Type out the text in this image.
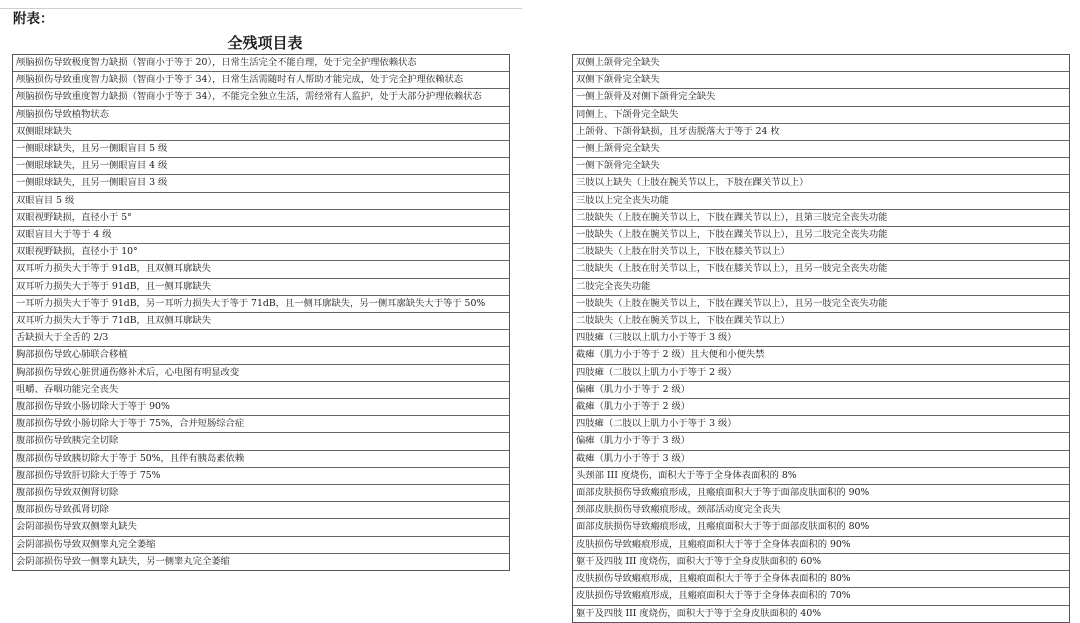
附表：
全残项目表
颅脑损伤导致极度智力缺损（智商小于等于 20），日常生活完全不能自理，处于完全护理依赖状态
颅脑损伤导致重度智力缺损（智商小于等于 34），日常生活需随时有人帮助才能完成，处于完全护理依赖状态
颅脑损伤导致重度智力缺损（智商小于等于 34），不能完全独立生活，需经常有人监护，处于大部分护理依赖状态
颅脑损伤导致植物状态
双侧眼球缺失
一侧眼球缺失，且另一侧眼盲目 5 级
一侧眼球缺失，且另一侧眼盲目 4 级
一侧眼球缺失，且另一侧眼盲目 3 级
双眼盲目 5 级
双眼视野缺损，直径小于 5°
双眼盲目大于等于 4 级
双眼视野缺损，直径小于 10°
双耳听力损失大于等于 91dB，且双侧耳廓缺失
双耳听力损失大于等于 91dB，且一侧耳廓缺失
一耳听力损失大于等于 91dB，另一耳听力损失大于等于 71dB，且一侧耳廓缺失，另一侧耳廓缺失大于等于 50%
双耳听力损失大于等于 71dB，且双侧耳廓缺失
舌缺损大于全舌的 2/3
胸部损伤导致心肺联合移植
胸部损伤导致心脏贯通伤修补术后，心电图有明显改变
咀嚼、吞咽功能完全丧失
腹部损伤导致小肠切除大于等于 90%
腹部损伤导致小肠切除大于等于 75%，合并短肠综合症
腹部损伤导致胰完全切除
腹部损伤导致胰切除大于等于 50%，且伴有胰岛素依赖
腹部损伤导致肝切除大于等于 75%
腹部损伤导致双侧肾切除
腹部损伤导致孤肾切除
会阴部损伤导致双侧睾丸缺失
会阴部损伤导致双侧睾丸完全萎缩
会阴部损伤导致一侧睾丸缺失，另一侧睾丸完全萎缩
双侧上颌骨完全缺失
双侧下颌骨完全缺失
一侧上颌骨及对侧下颌骨完全缺失
同侧上、下颌骨完全缺失
上颌骨、下颌骨缺损，且牙齿脱落大于等于 24 枚
一侧上颌骨完全缺失
一侧下颌骨完全缺失
三肢以上缺失（上肢在腕关节以上，下肢在踝关节以上）
三肢以上完全丧失功能
二肢缺失（上肢在腕关节以上，下肢在踝关节以上），且第三肢完全丧失功能
一肢缺失（上肢在腕关节以上，下肢在踝关节以上），且另二肢完全丧失功能
二肢缺失（上肢在肘关节以上，下肢在膝关节以上）
二肢缺失（上肢在肘关节以上，下肢在膝关节以上），且另一肢完全丧失功能
二肢完全丧失功能
一肢缺失（上肢在腕关节以上，下肢在踝关节以上），且另一肢完全丧失功能
二肢缺失（上肢在腕关节以上，下肢在踝关节以上）
四肢瘫（三肢以上肌力小于等于 3 级）
截瘫（肌力小于等于 2 级）且大便和小便失禁
四肢瘫（二肢以上肌力小于等于 2 级）
偏瘫（肌力小于等于 2 级）
截瘫（肌力小于等于 2 级）
四肢瘫（二肢以上肌力小于等于 3 级）
偏瘫（肌力小于等于 3 级）
截瘫（肌力小于等于 3 级）
头颈部 III 度烧伤，面积大于等于全身体表面积的 8%
面部皮肤损伤导致瘢痕形成，且瘢痕面积大于等于面部皮肤面积的 90%
颈部皮肤损伤导致瘢痕形成，颈部活动度完全丧失
面部皮肤损伤导致瘢痕形成，且瘢痕面积大于等于面部皮肤面积的 80%
皮肤损伤导致瘢痕形成，且瘢痕面积大于等于全身体表面积的 90%
躯干及四肢 III 度烧伤，面积大于等于全身皮肤面积的 60%
皮肤损伤导致瘢痕形成，且瘢痕面积大于等于全身体表面积的 80%
皮肤损伤导致瘢痕形成，且瘢痕面积大于等于全身体表面积的 70%
躯干及四肢 III 度烧伤，面积大于等于全身皮肤面积的 40%
